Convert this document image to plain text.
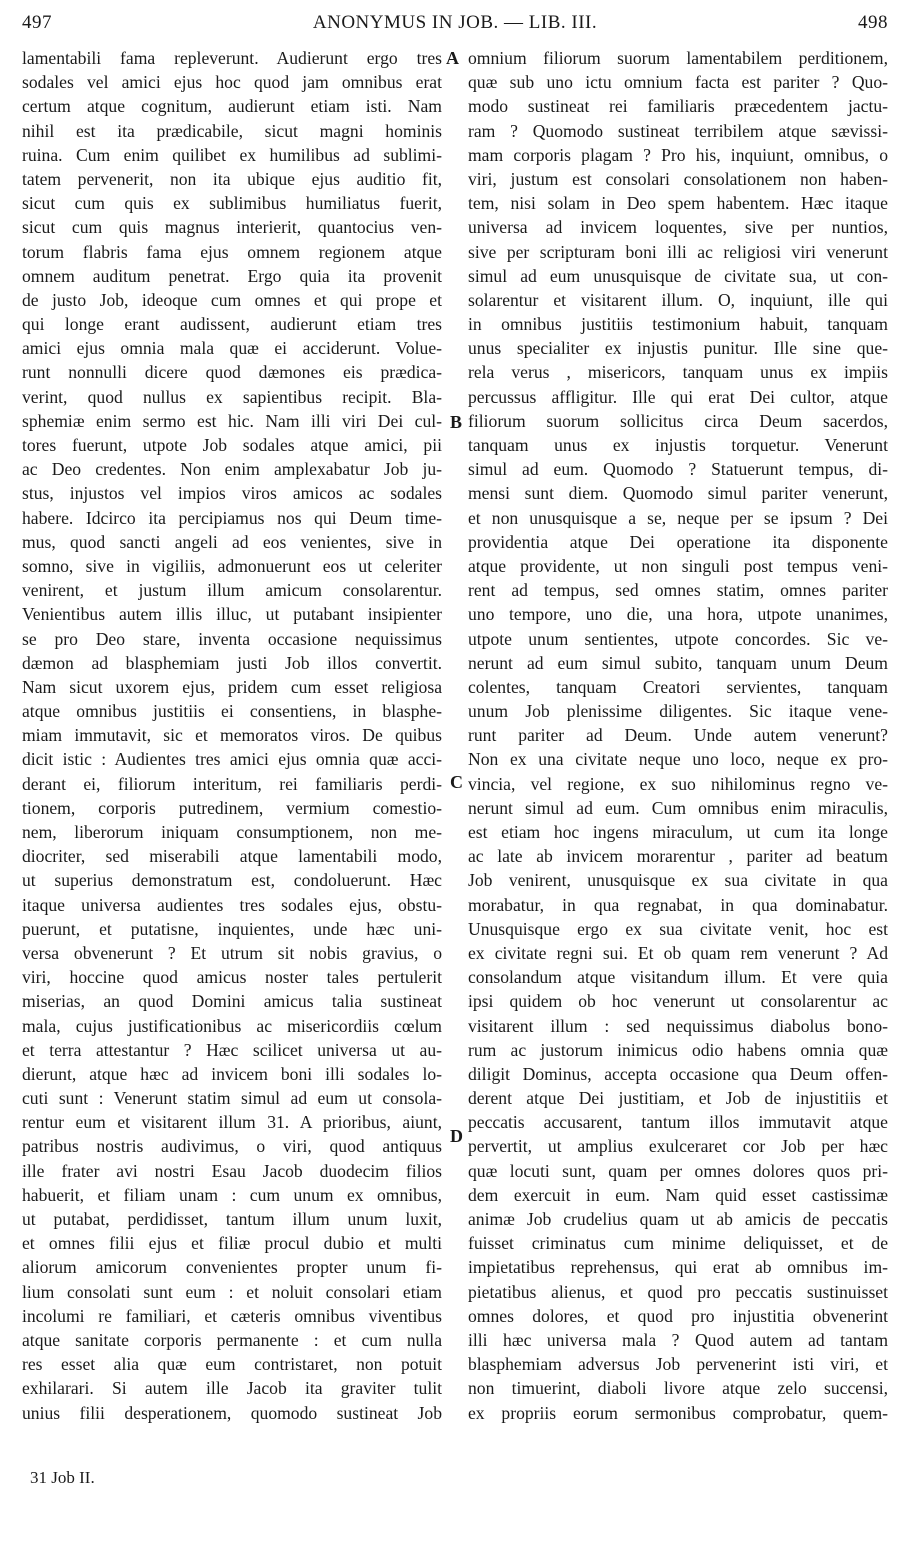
497	ANONYMUS IN JOB. — LIB. III.	498
lamentabili fama repleverunt. Audierunt ergo tres
sodales vel amici ejus hoc quod jam omnibus erat
certum atque cognitum, audierunt etiam isti. Nam
nihil est ita prædicabile, sicut magni hominis
ruina. Cum enim quilibet ex humilibus ad sublimi-
tatem pervenerit, non ita ubique ejus auditio fit,
sicut cum quis ex sublimibus humiliatus fuerit,
sicut cum quis magnus interierit, quantocius ven-
torum flabris fama ejus omnem regionem atque
omnem auditum penetrat. Ergo quia ita provenit
de justo Job, ideoque cum omnes et qui prope et
qui longe erant audissent, audierunt etiam tres
amici ejus omnia mala quæ ei acciderunt. Volue-
runt nonnulli dicere quod dæmones eis prædica-
verint, quod nullus ex sapientibus recipit. Bla-
sphemiæ enim sermo est hic. Nam illi viri Dei cul-
tores fuerunt, utpote Job sodales atque amici, pii
ac Deo credentes. Non enim amplexabatur Job ju-
stus, injustos vel impios viros amicos ac sodales
habere. Idcirco ita percipiamus nos qui Deum time-
mus, quod sancti angeli ad eos venientes, sive in
somno, sive in vigiliis, admonuerunt eos ut celeriter
venirent, et justum illum amicum consolarentur.
Venientibus autem illis illuc, ut putabant insipienter
se pro Deo stare, inventa occasione nequissimus
dæmon ad blasphemiam justi Job illos convertit.
Nam sicut uxorem ejus, pridem cum esset religiosa
atque omnibus justitiis ei consentiens, in blasphe-
miam immutavit, sic et memoratos viros. De quibus
dicit istic : Audientes tres amici ejus omnia quæ acci-
derant ei, filiorum interitum, rei familiaris perdi-
tionem, corporis putredinem, vermium comestio-
nem, liberorum iniquam consumptionem, non me-
diocriter, sed miserabili atque lamentabili modo,
ut superius demonstratum est, condoluerunt. Hæc
itaque universa audientes tres sodales ejus, obstu-
puerunt, et putatisne, inquientes, unde hæc uni-
versa obvenerunt ? Et utrum sit nobis gravius, o
viri, hoccine quod amicus noster tales pertulerit
miserias, an quod Domini amicus talia sustineat
mala, cujus justificationibus ac misericordiis cœlum
et terra attestantur ? Hæc scilicet universa ut au-
dierunt, atque hæc ad invicem boni illi sodales lo-
cuti sunt : Venerunt statim simul ad eum ut consola-
rentur eum et visitarent illum 31. A prioribus, aiunt,
patribus nostris audivimus, o viri, quod antiquus
ille frater avi nostri Esau Jacob duodecim filios
habuerit, et filiam unam : cum unum ex omnibus,
ut putabat, perdidisset, tantum illum unum luxit,
et omnes filii ejus et filiæ procul dubio et multi
aliorum amicorum convenientes propter unum fi-
lium consolati sunt eum : et noluit consolari etiam
incolumi re familiari, et cæteris omnibus viventibus
atque sanitate corporis permanente : et cum nulla
res esset alia quæ eum contristaret, non potuit
exhilarari. Si autem ille Jacob ita graviter tulit
unius filii desperationem, quomodo sustineat Job
omnium filiorum suorum lamentabilem perditionem,
quæ sub uno ictu omnium facta est pariter ? Quo-
modo sustineat rei familiaris præcedentem jactu-
ram ? Quomodo sustineat terribilem atque sævissi-
mam corporis plagam ? Pro his, inquiunt, omnibus, o
viri, justum est consolari consolationem non haben-
tem, nisi solam in Deo spem habentem. Hæc itaque
universa ad invicem loquentes, sive per nuntios,
sive per scripturam boni illi ac religiosi viri venerunt
simul ad eum unusquisque de civitate sua, ut con-
solarentur et visitarent illum. O, inquiunt, ille qui
in omnibus justitiis testimonium habuit, tanquam
unus specialiter ex injustis punitur. Ille sine que-
rela verus , misericors, tanquam unus ex impiis
percussus affligitur. Ille qui erat Dei cultor, atque
filiorum suorum sollicitus circa Deum sacerdos,
tanquam unus ex injustis torquetur. Venerunt
simul ad eum. Quomodo ? Statuerunt tempus, di-
mensi sunt diem. Quomodo simul pariter venerunt,
et non unusquisque a se, neque per se ipsum ? Dei
providentia atque Dei operatione ita disponente
atque providente, ut non singuli post tempus veni-
rent ad tempus, sed omnes statim, omnes pariter
uno tempore, uno die, una hora, utpote unanimes,
utpote unum sentientes, utpote concordes. Sic ve-
nerunt ad eum simul subito, tanquam unum Deum
colentes, tanquam Creatori servientes, tanquam
unum Job plenissime diligentes. Sic itaque vene-
runt pariter ad Deum. Unde autem venerunt?
Non ex una civitate neque uno loco, neque ex pro-
vincia, vel regione, ex suo nihilominus regno ve-
nerunt simul ad eum. Cum omnibus enim miraculis,
est etiam hoc ingens miraculum, ut cum ita longe
ac late ab invicem morarentur , pariter ad beatum
Job venirent, unusquisque ex sua civitate in qua
morabatur, in qua regnabat, in qua dominabatur.
Unusquisque ergo ex sua civitate venit, hoc est
ex civitate regni sui. Et ob quam rem venerunt ? Ad
consolandum atque visitandum illum. Et vere quia
ipsi quidem ob hoc venerunt ut consolarentur ac
visitarent illum : sed nequissimus diabolus bono-
rum ac justorum inimicus odio habens omnia quæ
diligit Dominus, accepta occasione qua Deum offen-
derent atque Dei justitiam, et Job de injustitiis et
peccatis accusarent, tantum illos immutavit atque
pervertit, ut amplius exulceraret cor Job per hæc
quæ locuti sunt, quam per omnes dolores quos pri-
dem exercuit in eum. Nam quid esset castissimæ
animæ Job crudelius quam ut ab amicis de peccatis
fuisset criminatus cum minime deliquisset, et de
impietatibus reprehensus, qui erat ab omnibus im-
pietatibus alienus, et quod pro peccatis sustinuisset
omnes dolores, et quod pro injustitia obvenerint
illi hæc universa mala ? Quod autem ad tantam
blasphemiam adversus Job pervenerint isti viri, et
non timuerint, diaboli livore atque zelo succensi,
ex propriis eorum sermonibus comprobatur, quem-
A
B
C
D
31 Job II.
